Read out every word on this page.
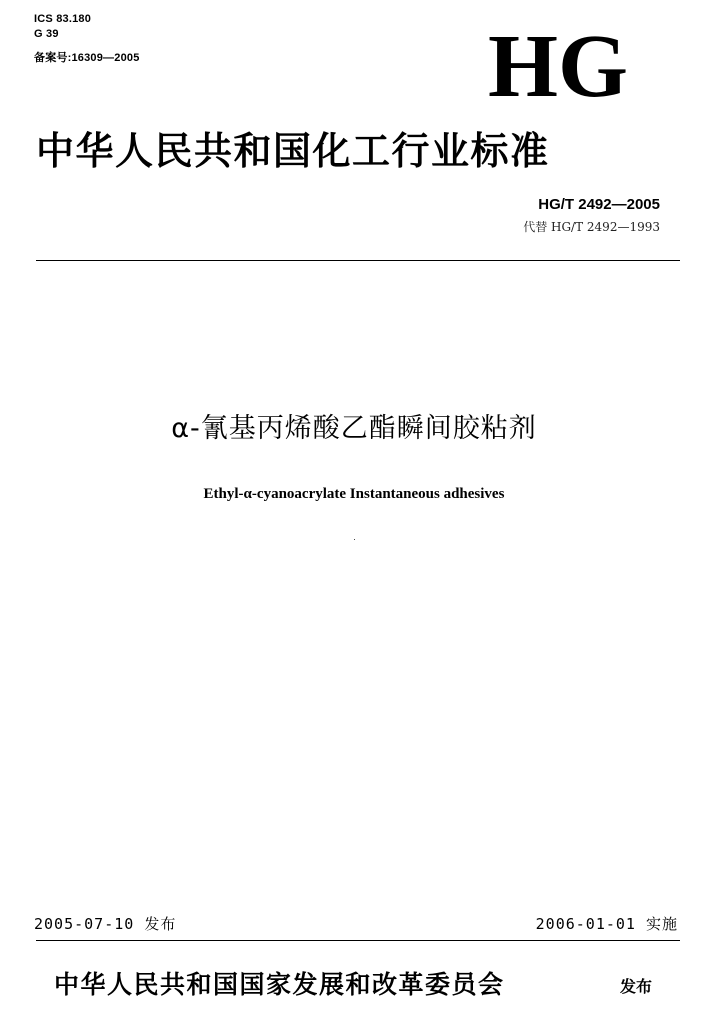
ICS 83.180
G 39
备案号:16309—2005	HG
中华人民共和国化工行业标准
HG/T 2492—2005
代替 HG/T 2492—1993
α-氰基丙烯酸乙酯瞬间胶粘剂
Ethyl-α-cyanoacrylate Instantaneous adhesives
2005-07-10 发布	2006-01-01 实施
中华人民共和国国家发展和改革委员会	发布
